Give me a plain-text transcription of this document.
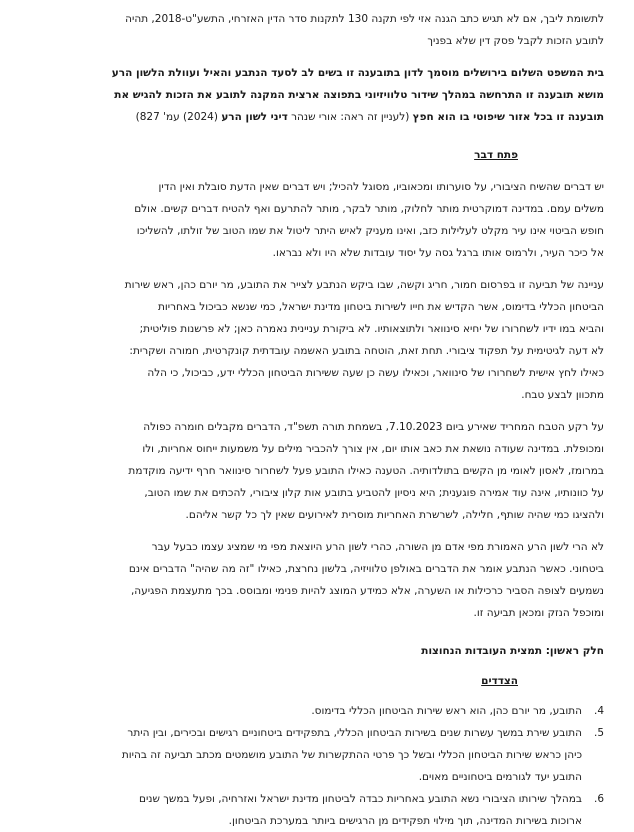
לתשומת ליבך, אם לא תגיש כתב הגנה אזי לפי תקנה 130 לתקנות סדר הדין האזרחי, התשע"ט-2018, תהיה

לתובע הזכות לקבל פסק דין שלא בפניך

בית המשפט השלום בירושלים מוסמך לדון בתובענה זו בשים לב לסעד הנתבע והאיל ועוולת הלשון הרע

מושא תובענה זו התרחשה במהלך שידור טלוויזיוני בתפוצה ארצית המקנה לתובע את הזכות להגיש את

תובענה זו בכל אזור שיפוטי בו הוא חפץ (לעניין זה ראה: אורי שנהר דיני לשון הרע (2024) עמ' 827)

פתח דבר

יש דברים שהשיח הציבורי, על סוערותו ומכאוביו, מסוגל להכיל; ויש דברים שאין הדעת סובלת ואין הדין

משלים עמם. במדינה דמוקרטית מותר לחלוק, מותר לבקר, מותר להתרעם ואף להטיח דברים קשים. אולם

חופש הביטוי אינו עיר מקלט לעלילות כזב, ואינו מעניק לאיש היתר ליטול את שמו הטוב של זולתו, להשליכו

אל כיכר העיר, ולרמוס אותו ברגל גסה על יסוד עובדות שלא היו ולא נבראו.

עניינה של תביעה זו בפרסום חמור, חריג וקשה, שבו ביקש הנתבע לצייר את התובע, מר יורם כהן, ראש שירות

הביטחון הכללי בדימוס, אשר הקדיש את חייו לשירות ביטחון מדינת ישראל, כמי שנשא כביכול באחריות

והביא במו ידיו לשחרורו של יחיא סינוואר ולתוצאותיו. לא ביקורת עניינית נאמרה כאן; לא פרשנות פוליטית;

לא דעה לגיטימית על תפקוד ציבורי. תחת זאת, הוטחה בתובע האשמה עובדתית קונקרטית, חמורה ושקרית:

כאילו לחץ אישית לשחרורו של סינוואר, וכאילו עשה כן שעה ששירות הביטחון הכללי ידע, כביכול, כי הלה

מתכוון לבצע טבח.

על רקע הטבח המחריד שאירע ביום 7.10.2023, בשמחת תורה תשפ"ד, הדברים מקבלים חומרה כפולה

ומכופלת. במדינה שעודה נושאת את כאב אותו יום, אין צורך להכביר מילים על משמעות ייחוס אחריות, ולו

במרומז, לאסון לאומי מן הקשים בתולדותיה. הטענה כאילו התובע פעל לשחרור סינוואר חרף ידיעה מוקדמת

על כוונותיו, אינה עוד אמירה פוגענית; היא ניסיון להטביע בתובע אות קלון ציבורי, להכתים את שמו הטוב,

ולהציגו כמי שהיה שותף, חלילה, לשרשרת האחריות מוסרית לאירועים שאין לך כל קשר אליהם.

לא הרי לשון הרע האמורת מפי אדם מן השורה, כהרי לשון הרע היוצאת מפי מי שמציג עצמו כבעל עבר

ביטחוני. כאשר הנתבע אומר את הדברים באולפן טלוויזיה, בלשון נחרצת, כאילו "זה מה שהיה" הדברים אינם

נשמעים לצופה הסביר כרכילות או השערה, אלא כמידע המוצג להיות פנימי ומבוסס. בכך מתעצמת הפגיעה,

ומוכפל הנזק ומכאן תביעה זו.

חלק ראשון: תמצית העובדות הנחוצות

הצדדים

4.
התובע, מר יורם כהן, הוא ראש שירות הביטחון הכללי בדימוס.
5.
התובע שירת במשך עשרות שנים בשירות הביטחון הכללי, בתפקידים ביטחוניים רגישים ובכירים, ובין היתר
כיהן כראש שירות הביטחון הכללי ובשל כך פרטי ההתקשרות של התובע מושמטים מכתב תביעה זה בהיות
התובע יעד לגורמים ביטחוניים מאוים.
6.
במהלך שירותו הציבורי נשא התובע באחריות כבדה לביטחון מדינת ישראל ואזרחיה, ופעל במשך שנים
ארוכות בשירות המדינה, תוך מילוי תפקידים מן הרגישים ביותר במערכת הביטחון.
